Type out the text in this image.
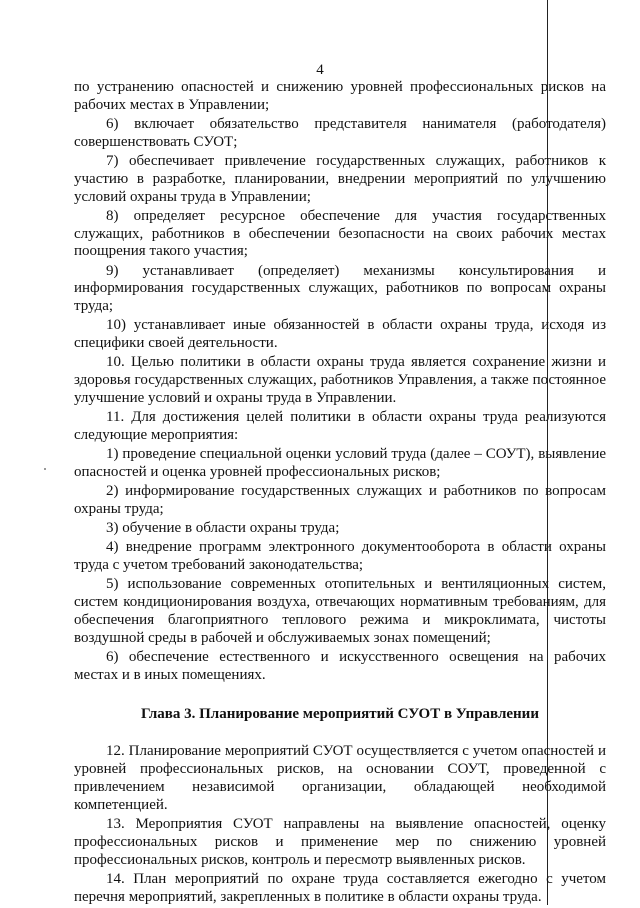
4

по устранению опасностей и снижению уровней профессиональных рисков на рабочих местах в Управлении;

6) включает обязательство представителя нанимателя (работодателя) совершенствовать СУОТ;

7) обеспечивает привлечение государственных служащих, работников к участию в разработке, планировании, внедрении мероприятий по улучшению условий охраны труда в Управлении;

8) определяет ресурсное обеспечение для участия государственных служащих, работников в обеспечении безопасности на своих рабочих местах поощрения такого участия;

9) устанавливает (определяет) механизмы консультирования и информирования государственных служащих, работников по вопросам охраны труда;

10) устанавливает иные обязанностей в области охраны труда, исходя из специфики своей деятельности.

10. Целью политики в области охраны труда является сохранение жизни и здоровья государственных служащих, работников Управления, а также постоянное улучшение условий и охраны труда в Управлении.

11. Для достижения целей политики в области охраны труда реализуются следующие мероприятия:

1) проведение специальной оценки условий труда (далее – СОУТ), выявление опасностей и оценка уровней профессиональных рисков;

2) информирование государственных служащих и работников по вопросам охраны труда;

3) обучение в области охраны труда;

4) внедрение программ электронного документооборота в области охраны труда с учетом требований законодательства;

5) использование современных отопительных и вентиляционных систем, систем кондиционирования воздуха, отвечающих нормативным требованиям, для обеспечения благоприятного теплового режима и микроклимата, чистоты воздушной среды в рабочей и обслуживаемых зонах помещений;

6) обеспечение естественного и искусственного освещения на рабочих местах и в иных помещениях.

Глава 3. Планирование мероприятий СУОТ в Управлении

12. Планирование мероприятий СУОТ осуществляется с учетом опасностей и уровней профессиональных рисков, на основании СОУТ, проведенной с привлечением независимой организации, обладающей необходимой компетенцией.

13. Мероприятия СУОТ направлены на выявление опасностей, оценку профессиональных рисков и применение мер по снижению уровней профессиональных рисков, контроль и пересмотр выявленных рисков.

14. План мероприятий по охране труда составляется ежегодно с учетом перечня мероприятий, закрепленных в политике в области охраны труда.
